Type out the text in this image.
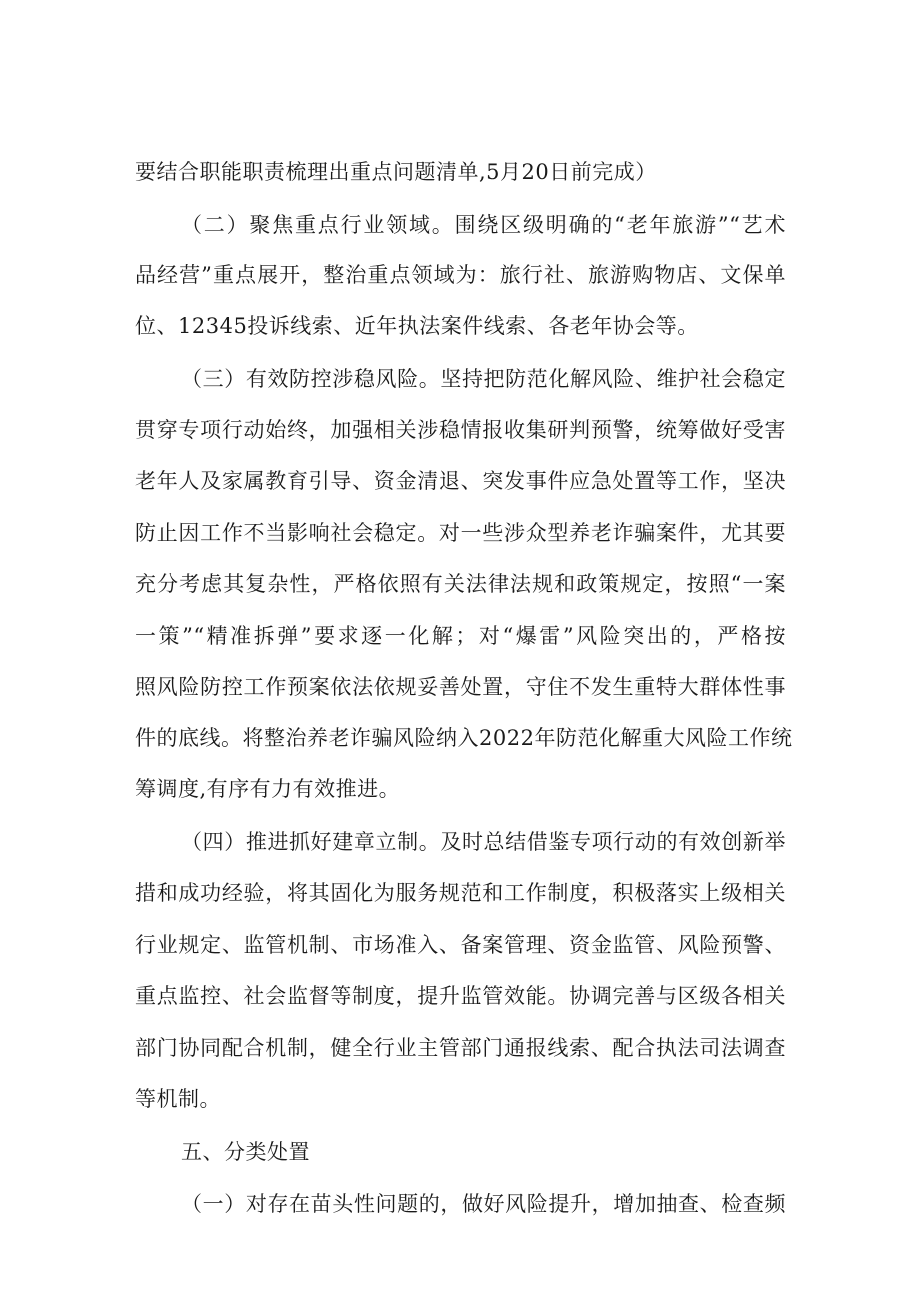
要结合职能职责梳理出重点问题清单,5月20日前完成）
（二）聚焦重点行业领域。围绕区级明确的“老年旅游”“艺术
品经营”重点展开，整治重点领域为：旅行社、旅游购物店、文保单
位、12345投诉线索、近年执法案件线索、各老年协会等。
（三）有效防控涉稳风险。坚持把防范化解风险、维护社会稳定
贯穿专项行动始终，加强相关涉稳情报收集研判预警，统筹做好受害
老年人及家属教育引导、资金清退、突发事件应急处置等工作，坚决
防止因工作不当影响社会稳定。对一些涉众型养老诈骗案件，尤其要
充分考虑其复杂性，严格依照有关法律法规和政策规定，按照“一案
一策”“精准拆弹”要求逐一化解；对“爆雷”风险突出的，严格按
照风险防控工作预案依法依规妥善处置，守住不发生重特大群体性事
件的底线。将整治养老诈骗风险纳入2022年防范化解重大风险工作统
筹调度,有序有力有效推进。
（四）推进抓好建章立制。及时总结借鉴专项行动的有效创新举
措和成功经验，将其固化为服务规范和工作制度，积极落实上级相关
行业规定、监管机制、市场准入、备案管理、资金监管、风险预警、
重点监控、社会监督等制度，提升监管效能。协调完善与区级各相关
部门协同配合机制，健全行业主管部门通报线索、配合执法司法调查
等机制。
五、分类处置
（一）对存在苗头性问题的，做好风险提升，增加抽查、检查频
